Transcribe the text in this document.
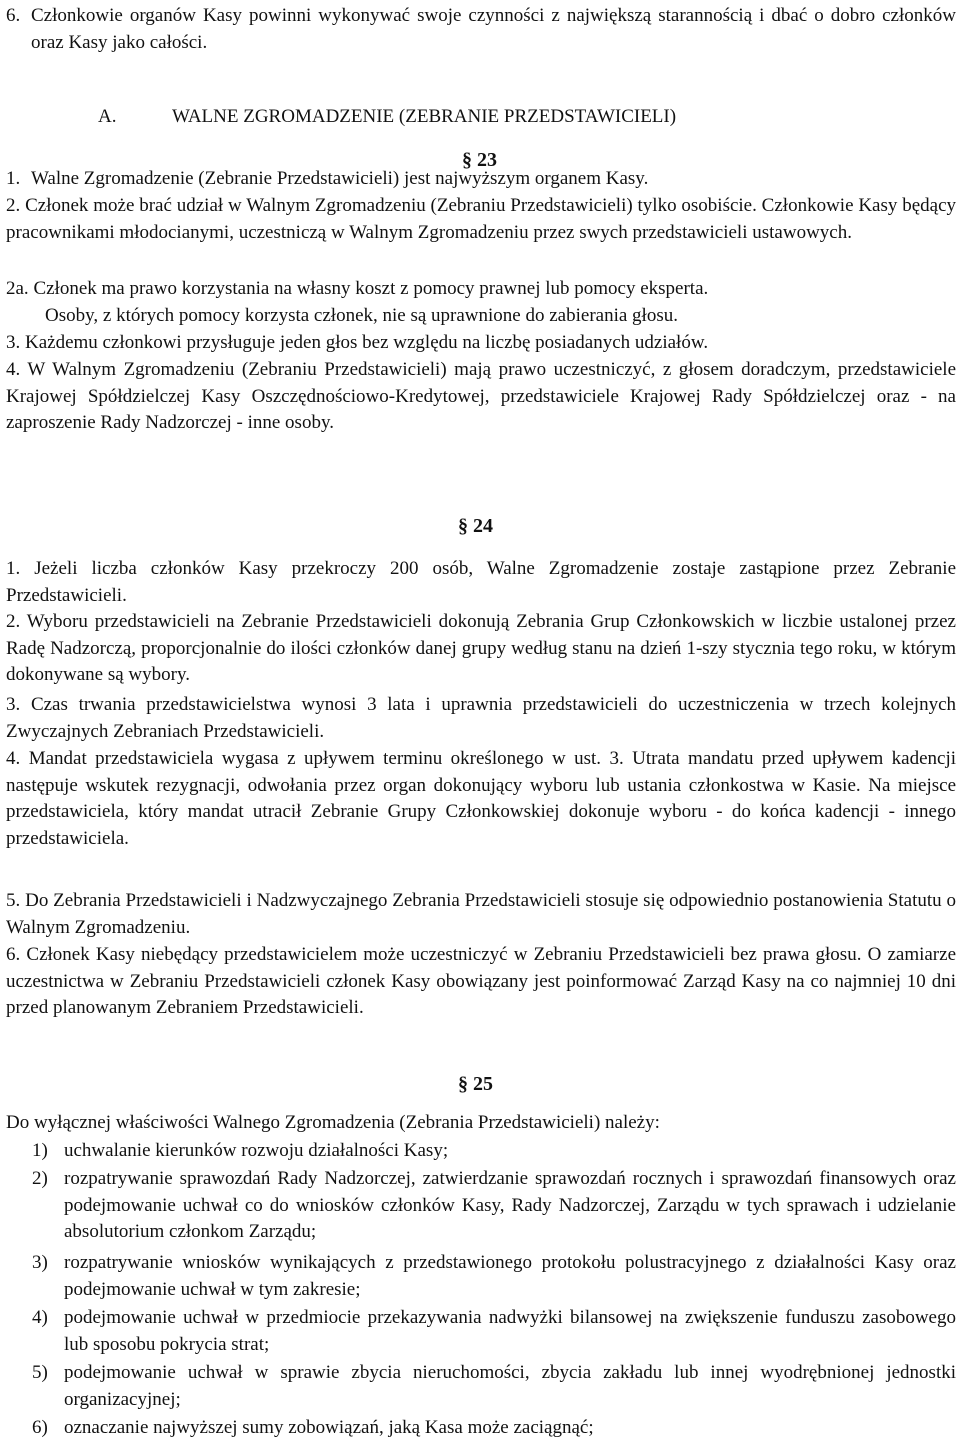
6. Członkowie organów Kasy powinni wykonywać swoje czynności z największą starannością i dbać o dobro członków oraz Kasy jako całości.
A.	WALNE ZGROMADZENIE (ZEBRANIE PRZEDSTAWICIELI)
§ 23
1. Walne Zgromadzenie (Zebranie Przedstawicieli) jest najwyższym organem Kasy.
2. Członek może brać udział w Walnym Zgromadzeniu (Zebraniu Przedstawicieli) tylko osobiście. Członkowie Kasy będący pracownikami młodocianymi, uczestniczą w Walnym Zgromadzeniu przez swych przedstawicieli ustawowych.
2a. Członek ma prawo korzystania na własny koszt z pomocy prawnej lub pomocy eksperta.
Osoby, z których pomocy korzysta członek, nie są uprawnione do zabierania głosu.
3. Każdemu członkowi przysługuje jeden głos bez względu na liczbę posiadanych udziałów.
4. W Walnym Zgromadzeniu (Zebraniu Przedstawicieli) mają prawo uczestniczyć, z głosem doradczym, przedstawiciele Krajowej Spółdzielczej Kasy Oszczędnościowo-Kredytowej, przedstawiciele Krajowej Rady Spółdzielczej oraz - na zaproszenie Rady Nadzorczej - inne osoby.
§ 24
1. Jeżeli liczba członków Kasy przekroczy 200 osób, Walne Zgromadzenie zostaje zastąpione przez Zebranie Przedstawicieli.
2. Wyboru przedstawicieli na Zebranie Przedstawicieli dokonują Zebrania Grup Członkowskich w liczbie ustalonej przez Radę Nadzorczą, proporcjonalnie do ilości członków danej grupy według stanu na dzień 1-szy stycznia tego roku, w którym dokonywane są wybory.
3. Czas trwania przedstawicielstwa wynosi 3 lata i uprawnia przedstawicieli do uczestniczenia w trzech kolejnych Zwyczajnych Zebraniach Przedstawicieli.
4. Mandat przedstawiciela wygasa z upływem terminu określonego w ust. 3. Utrata mandatu przed upływem kadencji następuje wskutek rezygnacji, odwołania przez organ dokonujący wyboru lub ustania członkostwa w Kasie. Na miejsce przedstawiciela, który mandat utracił Zebranie Grupy Członkowskiej dokonuje wyboru - do końca kadencji - innego przedstawiciela.
5. Do Zebrania Przedstawicieli i Nadzwyczajnego Zebrania Przedstawicieli stosuje się odpowiednio postanowienia Statutu o Walnym Zgromadzeniu.
6. Członek Kasy niebędący przedstawicielem może uczestniczyć w Zebraniu Przedstawicieli bez prawa głosu. O zamiarze uczestnictwa w Zebraniu Przedstawicieli członek Kasy obowiązany jest poinformować Zarząd Kasy na co najmniej 10 dni przed planowanym Zebraniem Przedstawicieli.
§ 25
Do wyłącznej właściwości Walnego Zgromadzenia (Zebrania Przedstawicieli) należy:
1) uchwalanie kierunków rozwoju działalności Kasy;
2) rozpatrywanie sprawozdań Rady Nadzorczej, zatwierdzanie sprawozdań rocznych i sprawozdań finansowych oraz podejmowanie uchwał co do wniosków członków Kasy, Rady Nadzorczej, Zarządu w tych sprawach i udzielanie absolutorium członkom Zarządu;
3) rozpatrywanie wniosków wynikających z przedstawionego protokołu polustracyjnego z działalności Kasy oraz podejmowanie uchwał w tym zakresie;
4) podejmowanie uchwał w przedmiocie przekazywania nadwyżki bilansowej na zwiększenie funduszu zasobowego lub sposobu pokrycia strat;
5) podejmowanie uchwał w sprawie zbycia nieruchomości, zbycia zakładu lub innej wyodrębnionej jednostki organizacyjnej;
6) oznaczanie najwyższej sumy zobowiązań, jaką Kasa może zaciągnąć;
